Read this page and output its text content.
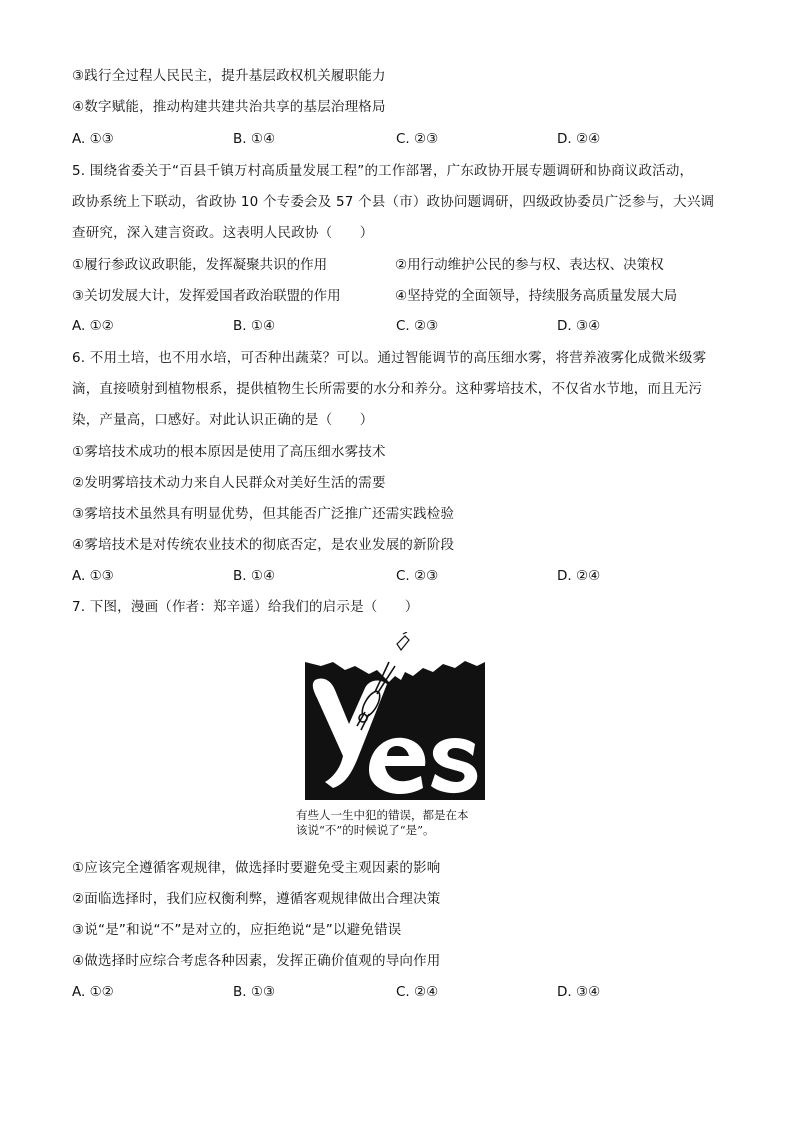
③践行全过程人民民主，提升基层政权机关履职能力
④数字赋能，推动构建共建共治共享的基层治理格局
A. ①③	B. ①④	C. ②③	D. ②④
5. 围绕省委关于“百县千镇万村高质量发展工程”的工作部署，广东政协开展专题调研和协商议政活动，
政协系统上下联动，省政协 10 个专委会及 57 个县（市）政协问题调研，四级政协委员广泛参与，大兴调
查研究，深入建言资政。这表明人民政协（　　）
①履行参政议政职能，发挥凝聚共识的作用	②用行动维护公民的参与权、表达权、决策权
③关切发展大计，发挥爱国者政治联盟的作用	④坚持党的全面领导，持续服务高质量发展大局
A. ①②	B. ①④	C. ②③	D. ③④
6. 不用土培，也不用水培，可否种出蔬菜？可以。通过智能调节的高压细水雾，将营养液雾化成微米级雾
滴，直接喷射到植物根系，提供植物生长所需要的水分和养分。这种雾培技术，不仅省水节地，而且无污
染，产量高，口感好。对此认识正确的是（　　）
①雾培技术成功的根本原因是使用了高压细水雾技术
②发明雾培技术动力来自人民群众对美好生活的需要
③雾培技术虽然具有明显优势，但其能否广泛推广还需实践检验
④雾培技术是对传统农业技术的彻底否定，是农业发展的新阶段
A. ①③	B. ①④	C. ②③	D. ②④
7. 下图，漫画（作者：郑辛遥）给我们的启示是（　　）
有些人一生中犯的错误，都是在本
该说“不”的时候说了“是”。
①应该完全遵循客观规律，做选择时要避免受主观因素的影响
②面临选择时，我们应权衡利弊，遵循客观规律做出合理决策
③说“是”和说“不”是对立的，应拒绝说“是”以避免错误
④做选择时应综合考虑各种因素，发挥正确价值观的导向作用
A. ①②	B. ①③	C. ②④	D. ③④
